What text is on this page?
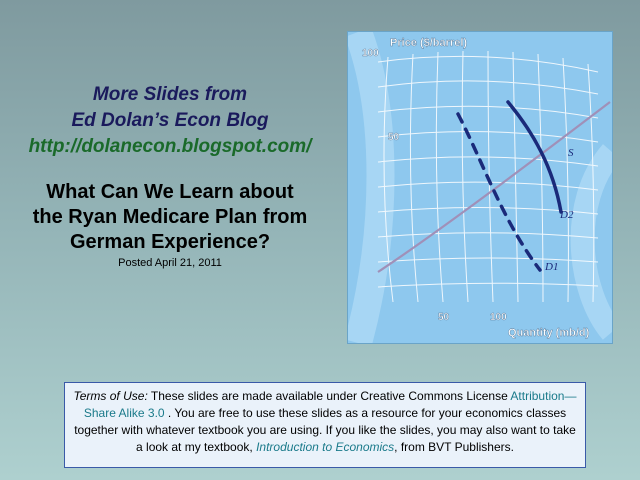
More Slides from
Ed Dolan’s Econ Blog
http://dolanecon.blogspot.com/
What Can We Learn about
the Ryan Medicare Plan from
German Experience?
Posted April 21, 2011
Price ($/barrel)
100
50
50	100
Quantity (mb/d)
S
D2
D1
Terms of Use: These slides are made available under Creative Commons License Attribution—Share Alike 3.0 . You are free to use these slides as a resource for your economics classes together with whatever textbook you are using. If you like the slides, you may also want to take a look at my textbook, Introduction to Economics, from BVT Publishers.
